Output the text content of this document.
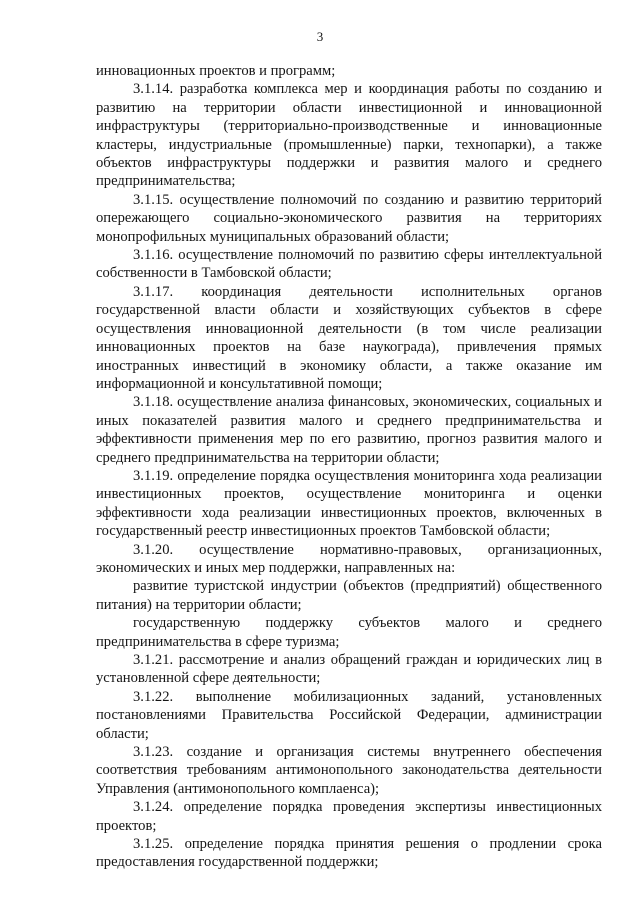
3

инновационных проектов и программ;

3.1.14. разработка комплекса мер и координация работы по созданию и развитию на территории области инвестиционной и инновационной инфраструктуры (территориально-производственные и инновационные кластеры, индустриальные (промышленные) парки, технопарки), а также объектов инфраструктуры поддержки и развития малого и среднего предпринимательства;

3.1.15. осуществление полномочий по созданию и развитию территорий опережающего социально-экономического развития на территориях монопрофильных муниципальных образований области;

3.1.16. осуществление полномочий по развитию сферы интеллектуальной собственности в Тамбовской области;

3.1.17. координация деятельности исполнительных органов государственной власти области и хозяйствующих субъектов в сфере осуществления инновационной деятельности (в том числе реализации инновационных проектов на базе наукограда), привлечения прямых иностранных инвестиций в экономику области, а также оказание им информационной и консультативной помощи;

3.1.18. осуществление анализа финансовых, экономических, социальных и иных показателей развития малого и среднего предпринимательства и эффективности применения мер по его развитию, прогноз развития малого и среднего предпринимательства на территории области;

3.1.19. определение порядка осуществления мониторинга хода реализации инвестиционных проектов, осуществление мониторинга и оценки эффективности хода реализации инвестиционных проектов, включенных в государственный реестр инвестиционных проектов Тамбовской области;

3.1.20. осуществление нормативно-правовых, организационных, экономических и иных мер поддержки, направленных на:

развитие туристской индустрии (объектов (предприятий) общественного питания) на территории области;

государственную поддержку субъектов малого и среднего предпринимательства в сфере туризма;

3.1.21. рассмотрение и анализ обращений граждан и юридических лиц в установленной сфере деятельности;

3.1.22. выполнение мобилизационных заданий, установленных постановлениями Правительства Российской Федерации, администрации области;

3.1.23. создание и организация системы внутреннего обеспечения соответствия требованиям антимонопольного законодательства деятельности Управления (антимонопольного комплаенса);

3.1.24. определение порядка проведения экспертизы инвестиционных проектов;

3.1.25. определение порядка принятия решения о продлении срока предоставления государственной поддержки;
